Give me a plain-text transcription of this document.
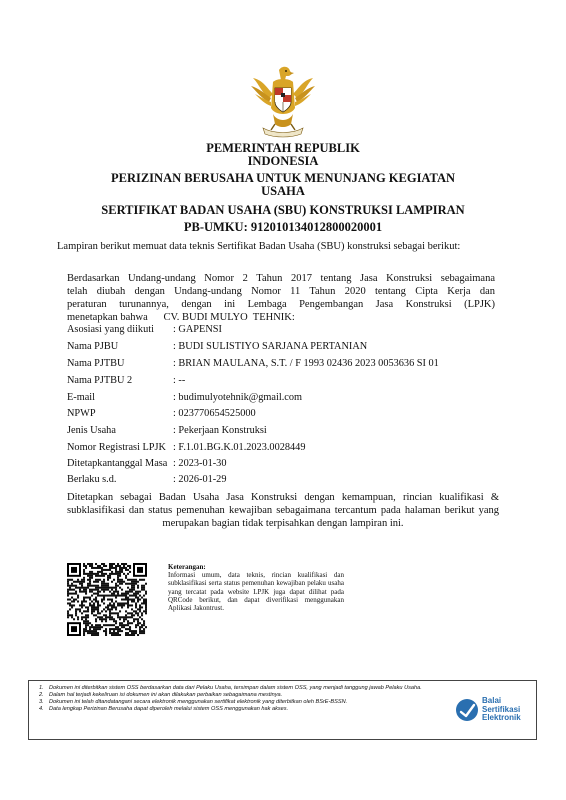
PEMERINTAH REPUBLIK
INDONESIA
PERIZINAN BERUSAHA UNTUK MENUNJANG KEGIATAN
USAHA
SERTIFIKAT BADAN USAHA (SBU) KONSTRUKSI LAMPIRAN
PB-UMKU: 912010134012800020001
Lampiran berikut memuat data teknis Sertifikat Badan Usaha (SBU) konstruksi sebagai berikut:
Berdasarkan Undang-undang Nomor 2 Tahun 2017 tentang Jasa Konstruksi sebagaimana
telah diubah dengan Undang-undang Nomor 11 Tahun 2020 tentang Cipta Kerja dan
peraturan turunannya, dengan ini Lembaga Pengembangan Jasa Konstruksi (LPJK)
menetapkan bahwa      CV. BUDI MULYO  TEHNIK:
Asosiasi yang diikuti : GAPENSI
Nama PJBU	: BUDI SULISTIYO SARJANA PERTANIAN
Nama PJTBU	: BRIAN MAULANA, S.T. / F 1993 02436 2023 0053636 SI 01
Nama PJTBU 2	: --
E-mail	: budimulyotehnik@gmail.com
NPWP	: 023770654525000
Jenis Usaha	: Pekerjaan Konstruksi
Nomor Registrasi LPJK : F.1.01.BG.K.01.2023.0028449
Ditetapkantanggal Masa : 2023-01-30
Berlaku s.d.	: 2026-01-29
Ditetapkan sebagai Badan Usaha Jasa Konstruksi dengan kemampuan, rincian kualifikasi &
subklasifikasi dan status pemenuhan kewajiban sebagaimana tercantum pada halaman berikut yang
merupakan bagian tidak terpisahkan dengan lampiran ini.
Keterangan:
Informasi umum, data teknis, rincian kualifikasi dan subklasifikasi serta status pemenuhan kewajiban pelaku usaha yang tercatat pada website LPJK juga dapat dilihat pada QRCode berikut, dan dapat diverifikasi menggunakan Aplikasi Jakontrust.
1. Dokumen ini diterbitkan sistem OSS berdasarkan data dari Pelaku Usaha, tersimpan dalam sistem OSS, yang menjadi tanggung jawab Pelaku Usaha.
2. Dalam hal terjadi kekeliruan isi dokumen ini akan dilakukan perbaikan sebagaimana mestinya.
3. Dokumen ini telah ditandatangani secara elektronik menggunakan sertifikat elektronik yang diterbitkan oleh BSrE-BSSN.
4. Data lengkap Perizinan Berusaha dapat diperoleh melalui sistem OSS menggunakan hak akses.
Balai
Sertifikasi
Elektronik
